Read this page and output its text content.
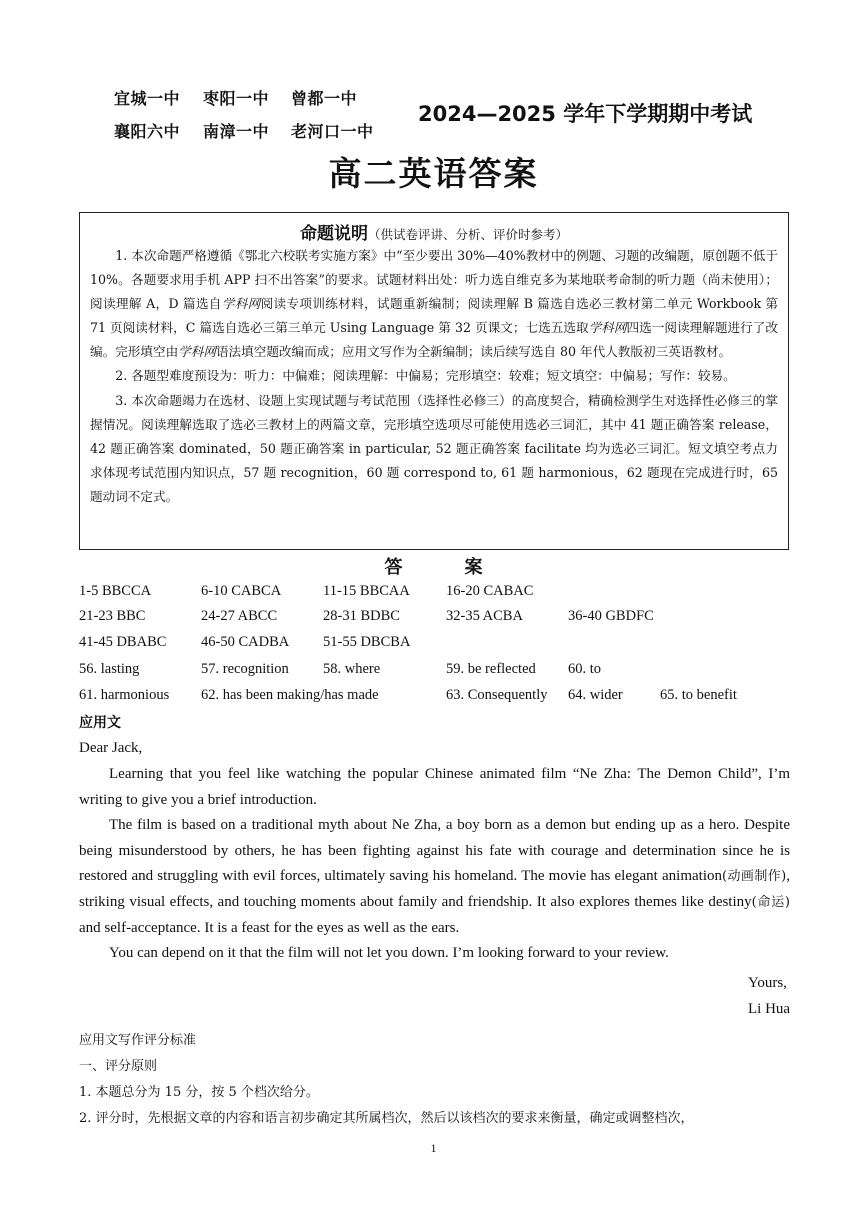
宜城一中 枣阳一中 曾都一中
襄阳六中 南漳一中 老河口一中
2024—2025 学年下学期期中考试
高二英语答案
命题说明（供试卷评讲、分析、评价时参考）

1. 本次命题严格遵循《鄂北六校联考实施方案》中“至少要出 30%—40%教材中的例题、习题的改编题，原创题不低于 10%。各题要求用手机 APP 扫不出答案”的要求。试题材料出处：听力选自维克多为某地联考命制的听力题（尚未使用）；阅读理解 A，D 篇选自学科网阅读专项训练材料，试题重新编制；阅读理解 B 篇选自选必三教材第二单元 Workbook 第 71 页阅读材料，C 篇选自选必三第三单元 Using Language 第 32 页课文；七选五选取学科网四选一阅读理解题进行了改编。完形填空由学科网语法填空题改编而成；应用文写作为全新编制；读后续写选自 80 年代人教版初三英语教材。

2. 各题型难度预设为：听力：中偏难；阅读理解：中偏易；完形填空：较难；短文填空：中偏易；写作：较易。

3. 本次命题竭力在选材、设题上实现试题与考试范围（选择性必修三）的高度契合，精确检测学生对选择性必修三的掌握情况。阅读理解选取了选必三教材上的两篇文章，完形填空选项尽可能使用选必三词汇，其中 41 题正确答案 release，42 题正确答案 dominated，50 题正确答案 in particular, 52 题正确答案 facilitate 均为选必三词汇。短文填空考点力求体现考试范围内知识点，57 题 recognition，60 题 correspond to, 61 题 harmonious，62 题现在完成进行时，65 题动词不定式。

答　案
1-5 BBCCA	6-10 CABCA	11-15 BBCAA 16-20 CABAC
21-23 BBC	24-27 ABCC	28-31 BDBC	32-35 ACBA	36-40 GBDFC
41-45 DBABC 46-50 CADBA 51-55 DBCBA
56. lasting	57. recognition 58. where	59. be reflected 60. to
61. harmonious 62. has been making/has made	63. Consequently 64. wider	65. to benefit
应用文
Dear Jack,

Learning that you feel like watching the popular Chinese animated film “Ne Zha: The Demon Child”, I’m writing to give you a brief introduction.

The film is based on a traditional myth about Ne Zha, a boy born as a demon but ending up as a hero. Despite being misunderstood by others, he has been fighting against his fate with courage and determination since he is restored and struggling with evil forces, ultimately saving his homeland. The movie has elegant animation(动画制作), striking visual effects, and touching moments about family and friendship. It also explores themes like destiny(命运) and self-acceptance. It is a feast for the eyes as well as the ears.

You can depend on it that the film will not let you down. I’m looking forward to your review.

Yours,
Li Hua
应用文写作评分标准
一、评分原则
1. 本题总分为 15 分，按 5 个档次给分。
2. 评分时，先根据文章的内容和语言初步确定其所属档次，然后以该档次的要求来衡量，确定或调整档次，
1
